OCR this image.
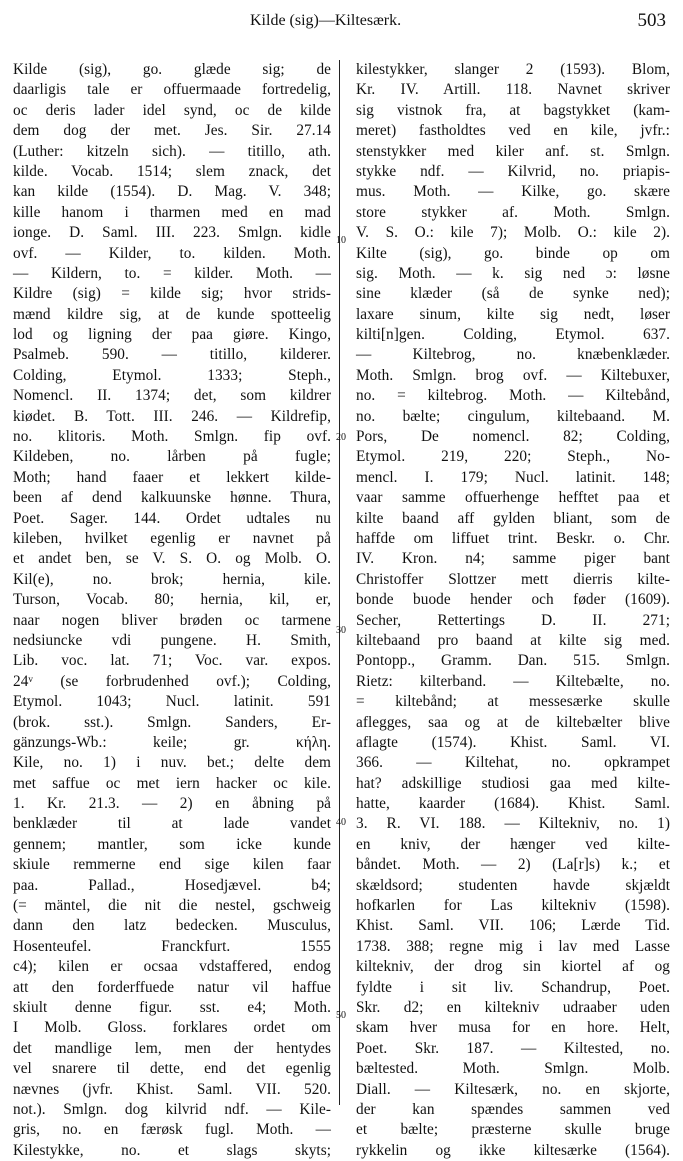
Kilde (sig)—Kiltesærk.	503
Kilde (sig), go. glæde sig; de
daarligis tale er offuermaade fortredelig,
oc deris lader idel synd, oc de kilde
dem dog der met. Jes. Sir. 27.14
(Luther: kitzeln sich). — titillo, ath.
kilde. Vocab. 1514; slem znack, det
kan kilde (1554). D. Mag. V. 348;
kille hanom i tharmen med en mad
ionge. D. Saml. III. 223. Smlgn. kidle
ovf. — Kilder, to. kilden. Moth.
— Kildern, to. = kilder. Moth. —
Kildre (sig) = kilde sig; hvor strids-
mænd kildre sig, at de kunde spotteelig
lod og ligning der paa giøre. Kingo,
Psalmeb. 590. — titillo, kilderer.
Colding, Etymol. 1333; Steph.,
Nomencl. II. 1374; det, som kildrer
kiødet. B. Tott. III. 246. — Kildrefip,
no. klitoris. Moth. Smlgn. fip ovf.
Kildeben, no. lårben på fugle;
Moth; hand faaer et lekkert kilde-
been af dend kalkuunske hønne. Thura,
Poet. Sager. 144. Ordet udtales nu
kileben, hvilket egenlig er navnet på
et andet ben, se V. S. O. og Molb. O.
Kil(e), no. brok; hernia, kile.
Turson, Vocab. 80; hernia, kil, er,
naar nogen bliver brøden oc tarmene
nedsiuncke vdi pungene. H. Smith,
Lib. voc. lat. 71; Voc. var. expos.
24ᵛ (se forbrudenhed ovf.); Colding,
Etymol. 1043; Nucl. latinit. 591
(brok. sst.). Smlgn. Sanders, Er-
gänzungs-Wb.: keile; gr. κήλη.
Kile, no. 1) i nuv. bet.; delte dem
met saffue oc met iern hacker oc kile.
1. Kr. 21.3. — 2) en åbning på
benklæder til at lade vandet
gennem; mantler, som icke kunde
skiule remmerne end sige kilen faar
paa. Pallad., Hosedjævel. b4;
(= mäntel, die nit die nestel, gschweig
dann den latz bedecken. Musculus,
Hosenteufel. Franckfurt. 1555
c4); kilen er ocsaa vdstaffered, endog
att den forderffuede natur vil haffue
skiult denne figur. sst. e4; Moth.
I Molb. Gloss. forklares ordet om
det mandlige lem, men der hentydes
vel snarere til dette, end det egenlig
nævnes (jvfr. Khist. Saml. VII. 520.
not.). Smlgn. dog kilvrid ndf. — Kile-
gris, no. en færøsk fugl. Moth. —
Kilestykke, no. et slags skyts;
kilestykker, slanger 2 (1593). Blom,
Kr. IV. Artill. 118. Navnet skriver
sig vistnok fra, at bagstykket (kam-
meret) fastholdtes ved en kile, jvfr.:
stenstykker med kiler anf. st. Smlgn.
stykke ndf. — Kilvrid, no. priapis-
mus. Moth. — Kilke, go. skære
store stykker af. Moth. Smlgn.
V. S. O.: kile 7); Molb. O.: kile 2).
Kilte (sig), go. binde op om
sig. Moth. — k. sig ned ɔ: løsne
sine klæder (så de synke ned);
laxare sinum, kilte sig nedt, løser
kilti[n]gen. Colding, Etymol. 637.
— Kiltebrog, no. knæbenklæder.
Moth. Smlgn. brog ovf. — Kiltebuxer,
no. = kiltebrog. Moth. — Kiltebånd,
no. bælte; cingulum, kiltebaand. M.
Pors, De nomencl. 82; Colding,
Etymol. 219, 220; Steph., No-
mencl. I. 179; Nucl. latinit. 148;
vaar samme offuerhenge hefftet paa et
kilte baand aff gylden bliant, som de
haffde om liffuet trint. Beskr. o. Chr.
IV. Kron. n4; samme piger bant
Christoffer Slottzer mett dierris kilte-
bonde buode hender och føder (1609).
Secher, Rettertings D. II. 271;
kiltebaand pro baand at kilte sig med.
Pontopp., Gramm. Dan. 515. Smlgn.
Rietz: kilterband. — Kiltebælte, no.
= kiltebånd; at messesærke skulle
aflegges, saa og at de kiltebælter blive
aflagte (1574). Khist. Saml. VI.
366. — Kiltehat, no. opkrampet
hat? adskillige studiosi gaa med kilte-
hatte, kaarder (1684). Khist. Saml.
3. R. VI. 188. — Kiltekniv, no. 1)
en kniv, der hænger ved kilte-
båndet. Moth. — 2) (La[r]s) k.; et
skældsord; studenten havde skjældt
hofkarlen for Las kiltekniv (1598).
Khist. Saml. VII. 106; Lærde Tid.
1738. 388; regne mig i lav med Lasse
kiltekniv, der drog sin kiortel af og
fyldte i sit liv. Schandrup, Poet.
Skr. d2; en kiltekniv udraaber uden
skam hver musa for en hore. Helt,
Poet. Skr. 187. — Kiltested, no.
bæltested. Moth. Smlgn. Molb.
Diall. — Kiltesærk, no. en skjorte,
der kan spændes sammen ved
et bælte; præsterne skulle bruge
rykkelin og ikke kiltesærke (1564).
10
20
30
40
50
